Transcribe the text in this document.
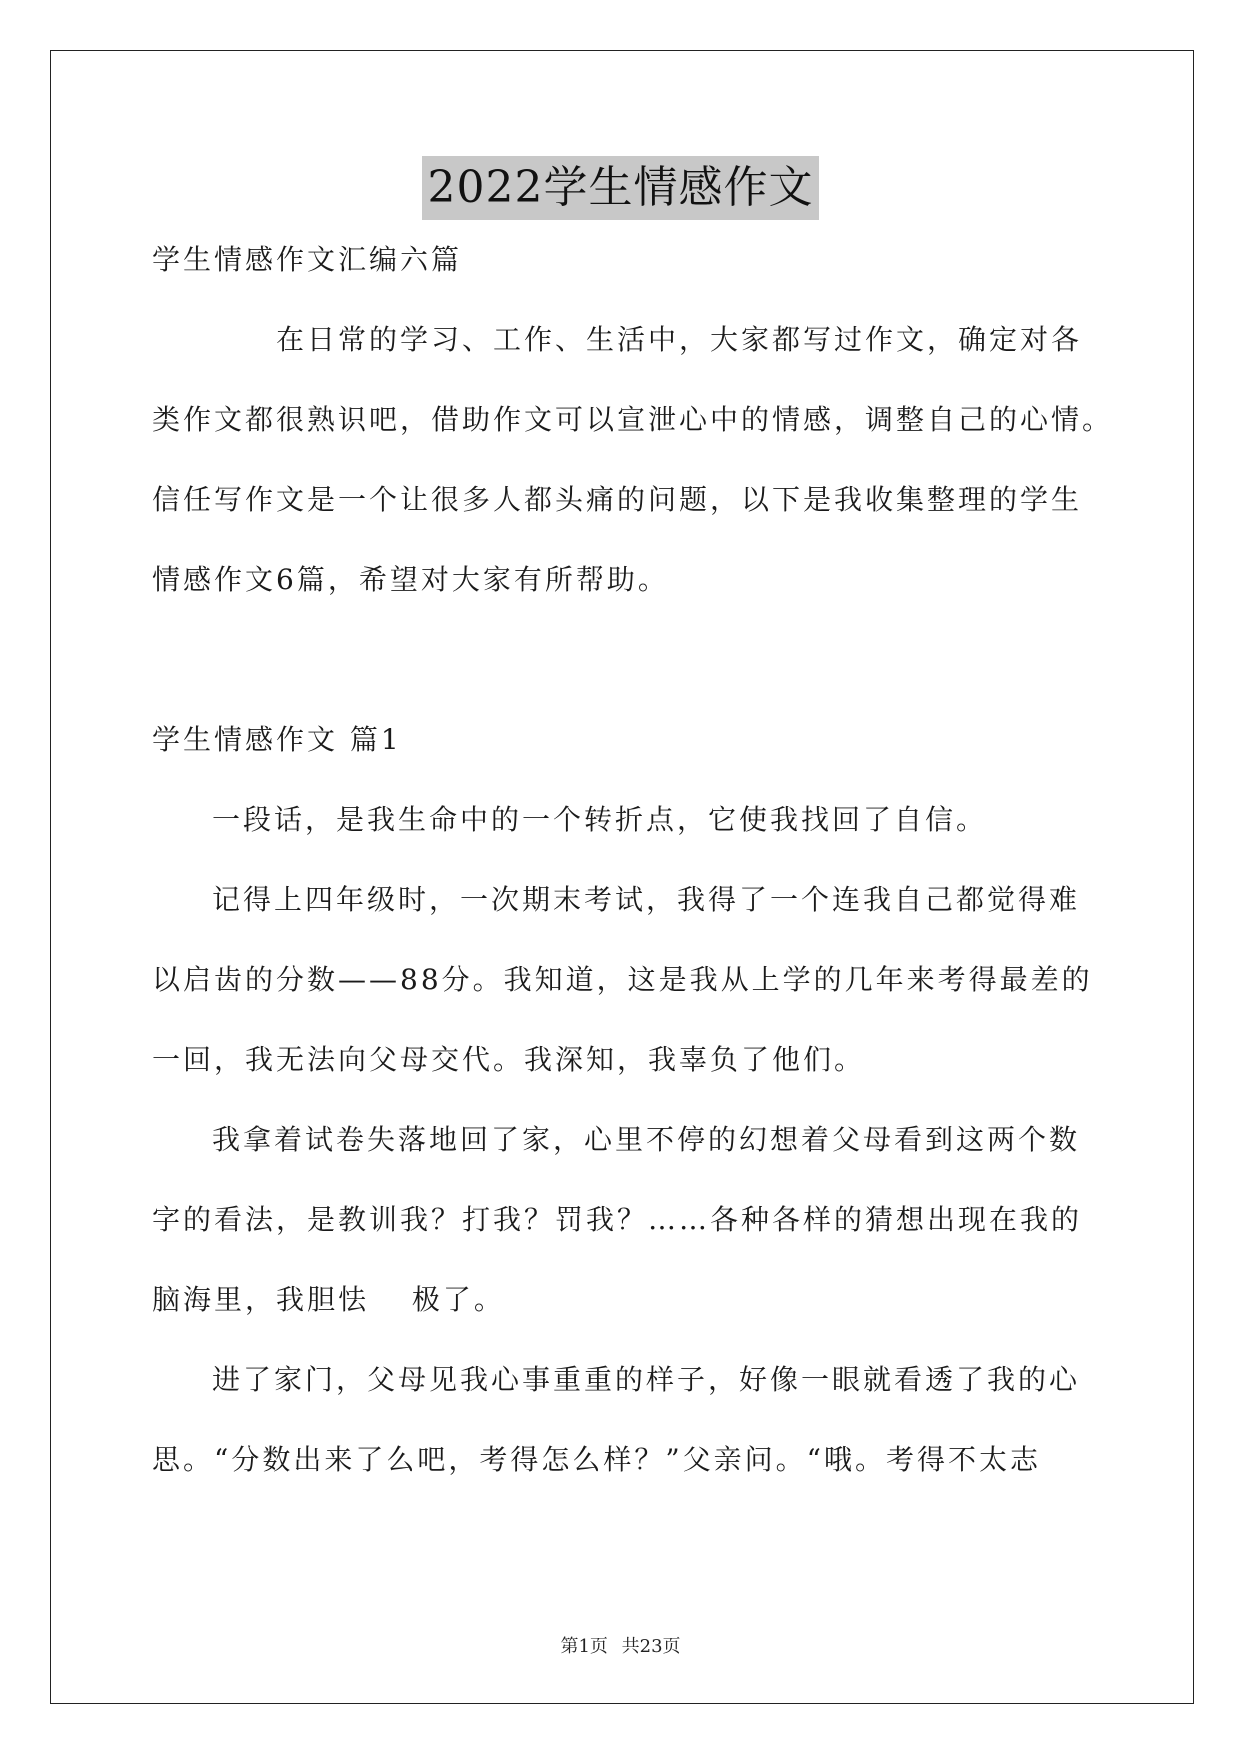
2022学生情感作文
学生情感作文汇编六篇
在日常的学习、工作、生活中，大家都写过作文，确定对各
类作文都很熟识吧，借助作文可以宣泄心中的情感，调整自己的心情。
信任写作文是一个让很多人都头痛的问题，以下是我收集整理的学生
情感作文6篇，希望对大家有所帮助。
学生情感作文 篇1
一段话，是我生命中的一个转折点，它使我找回了自信。
记得上四年级时，一次期末考试，我得了一个连我自己都觉得难
以启齿的分数——88分。我知道，这是我从上学的几年来考得最差的
一回，我无法向父母交代。我深知，我辜负了他们。
我拿着试卷失落地回了家，心里不停的幻想着父母看到这两个数
字的看法，是教训我？打我？罚我？……各种各样的猜想出现在我的
脑海里，我胆怯　 极了。
进了家门，父母见我心事重重的样子，好像一眼就看透了我的心
思。“分数出来了么吧，考得怎么样？”父亲问。“哦。考得不太志
第1页 共23页
